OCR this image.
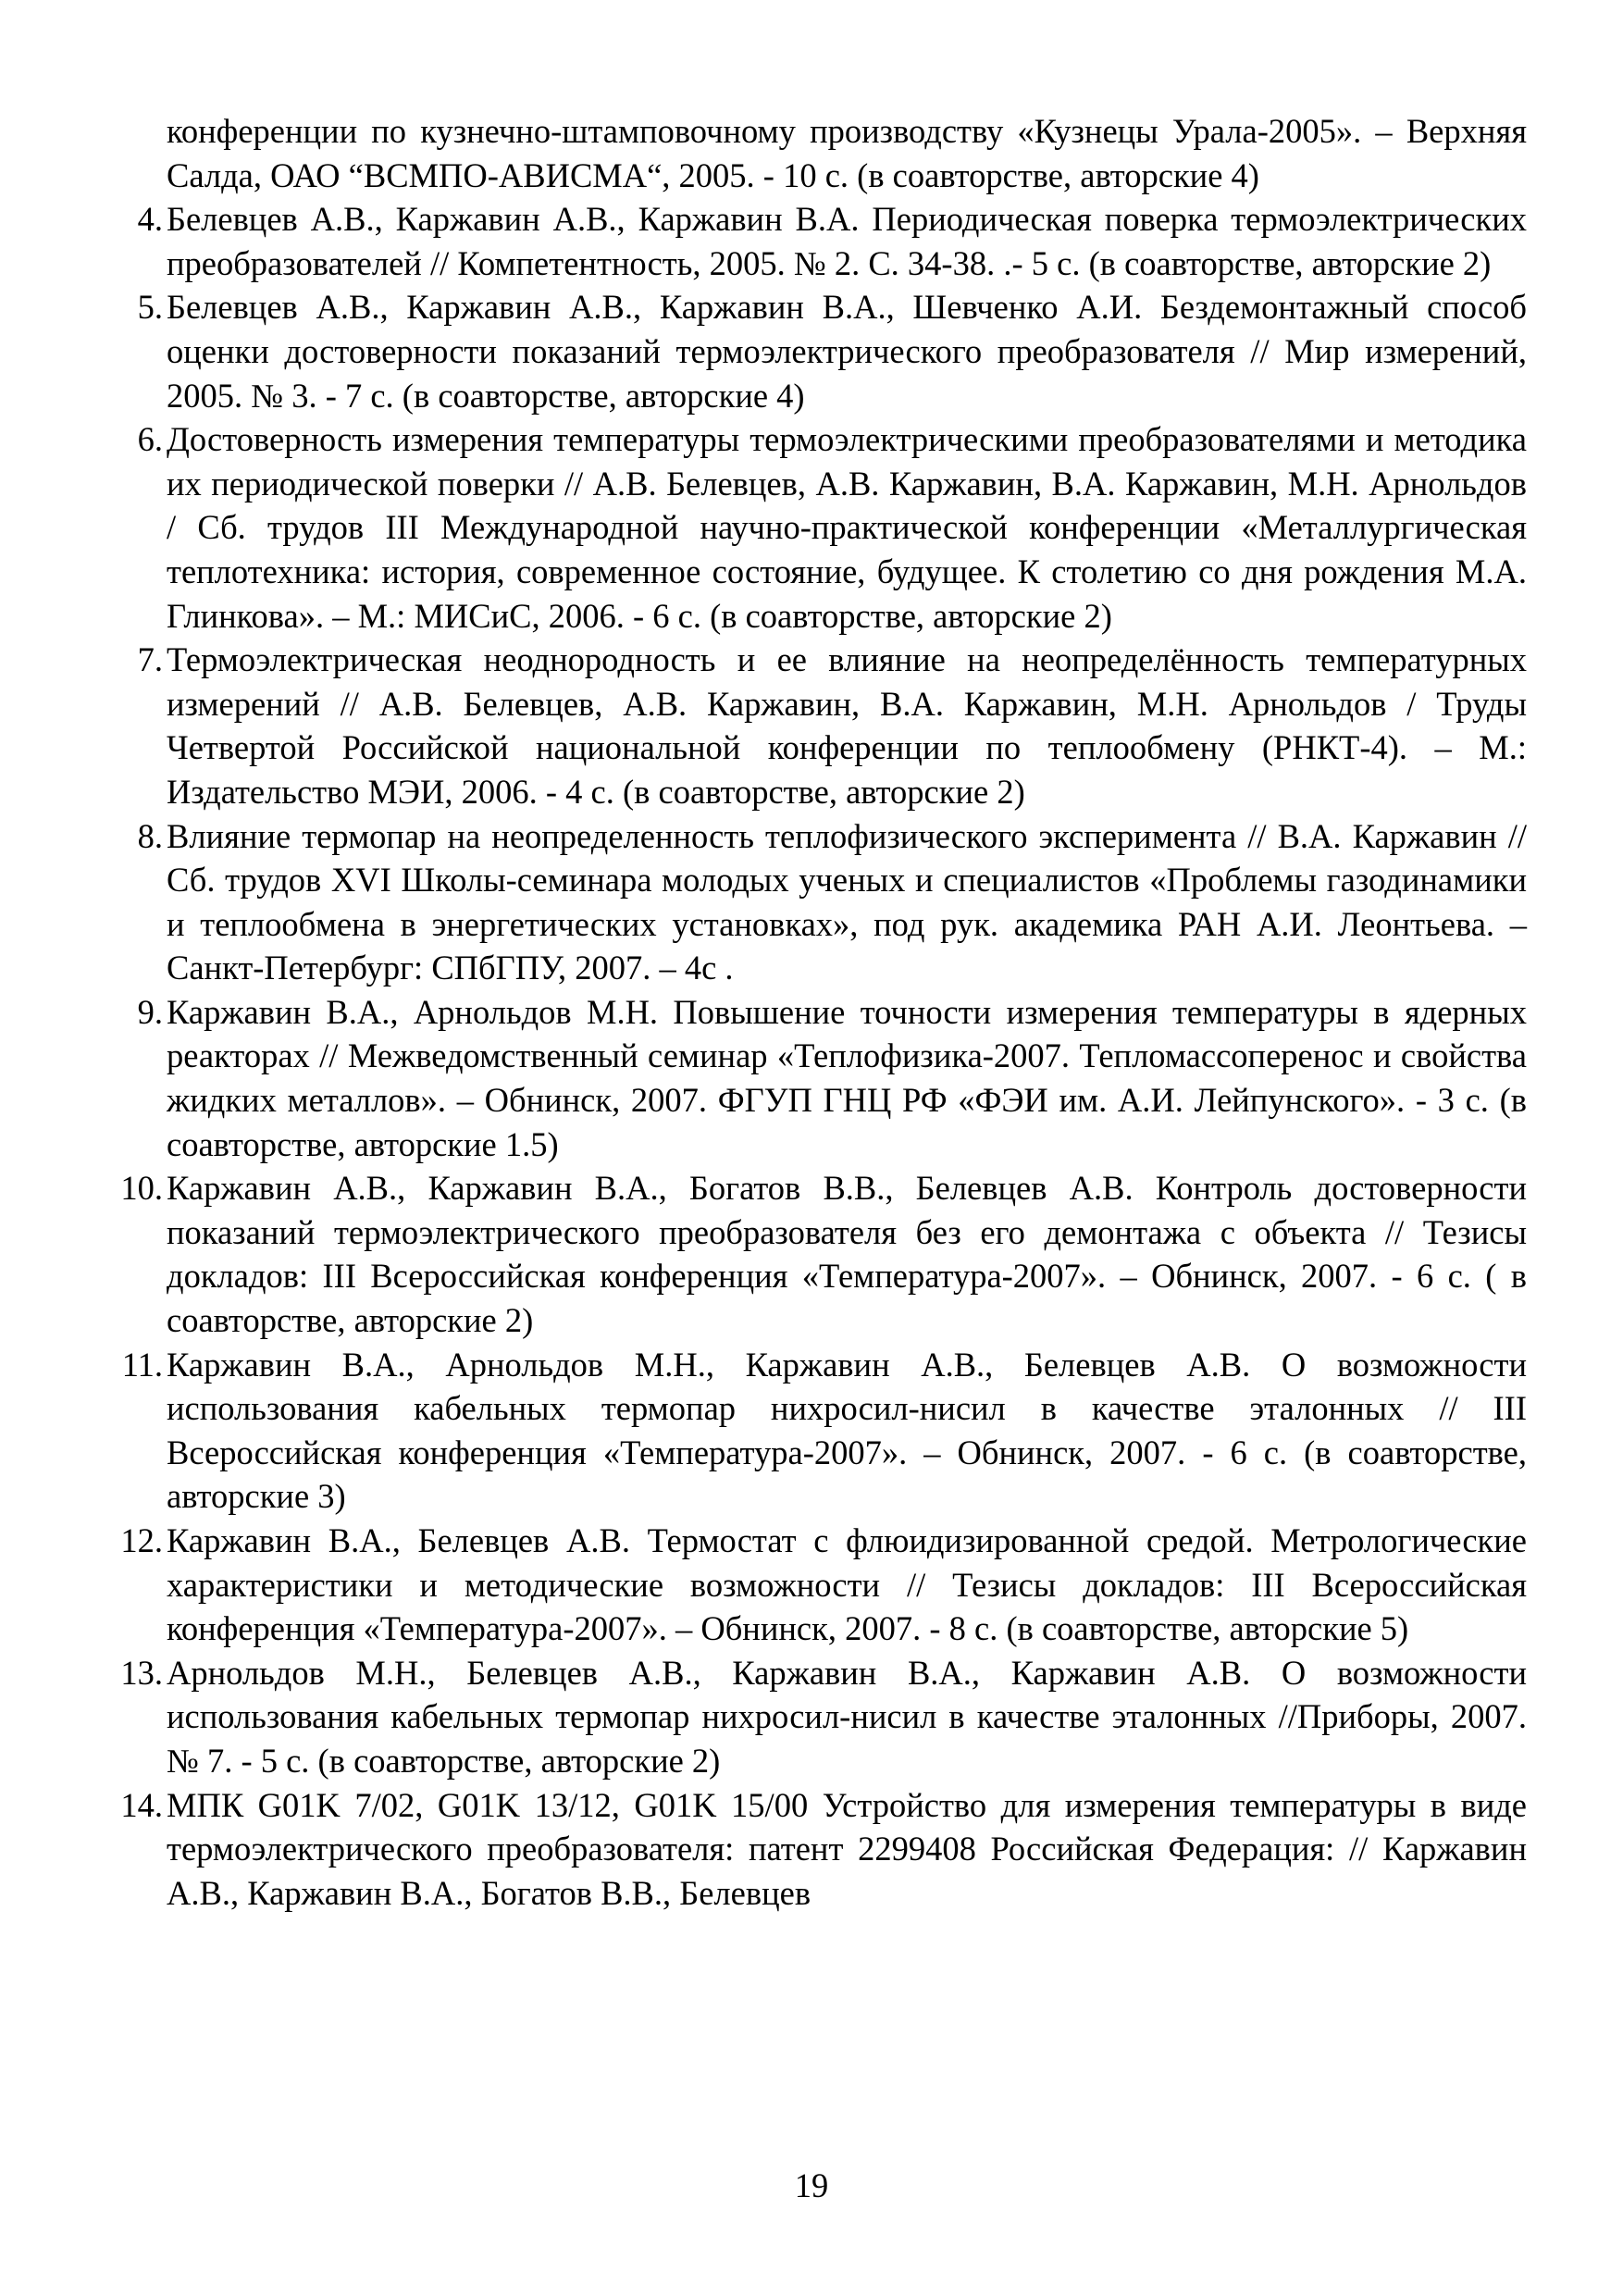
конференции по кузнечно-штамповочному производству «Кузнецы Урала-2005». – Верхняя Салда, ОАО “ВСМПО-АВИСМА“, 2005. - 10 с. (в соавторстве, авторские 4)
4. Белевцев А.В., Каржавин А.В., Каржавин В.А. Периодическая поверка термоэлектрических преобразователей // Компетентность, 2005. № 2. С. 34-38. .- 5 с. (в соавторстве, авторские 2)
5. Белевцев А.В., Каржавин А.В., Каржавин В.А., Шевченко А.И. Бездемонтажный способ оценки достоверности показаний термоэлектрического преобразователя // Мир измерений, 2005. № 3. - 7 с. (в соавторстве, авторские 4)
6. Достоверность измерения температуры термоэлектрическими преобразователями и методика их периодической поверки // А.В. Белевцев, А.В. Каржавин, В.А. Каржавин, М.Н. Арнольдов / Сб. трудов III Международной научно-практической конференции «Металлургическая теплотехника: история, современное состояние, будущее. К столетию со дня рождения М.А. Глинкова». – М.: МИСиС, 2006. - 6 с. (в соавторстве, авторские 2)
7. Термоэлектрическая неоднородность и ее влияние на неопределённость температурных измерений // А.В. Белевцев, А.В. Каржавин, В.А. Каржавин, М.Н. Арнольдов / Труды Четвертой Российской национальной конференции по теплообмену (РНКТ-4). – М.: Издательство МЭИ, 2006. - 4 с. (в соавторстве, авторские 2)
8. Влияние термопар на неопределенность теплофизического эксперимента // В.А. Каржавин // Сб. трудов XVI Школы-семинара молодых ученых и специалистов «Проблемы газодинамики и теплообмена в энергетических установках», под рук. академика РАН А.И. Леонтьева. – Санкт-Петербург: СПбГПУ, 2007. – 4с .
9. Каржавин В.А., Арнольдов М.Н. Повышение точности измерения температуры в ядерных реакторах // Межведомственный семинар «Теплофизика-2007. Тепломассоперенос и свойства жидких металлов». – Обнинск, 2007. ФГУП ГНЦ РФ «ФЭИ им. А.И. Лейпунского». - 3 с. (в соавторстве, авторские 1.5)
10. Каржавин А.В., Каржавин В.А., Богатов В.В., Белевцев А.В. Контроль достоверности показаний термоэлектрического преобразователя без его демонтажа с объекта // Тезисы докладов: III Всероссийская конференция «Температура-2007». – Обнинск, 2007. - 6 с. ( в соавторстве, авторские 2)
11. Каржавин В.А., Арнольдов М.Н., Каржавин А.В., Белевцев А.В. О возможности использования кабельных термопар нихросил-нисил в качестве эталонных // III Всероссийская конференция «Температура-2007». – Обнинск, 2007. - 6 с. (в соавторстве, авторские 3)
12. Каржавин В.А., Белевцев А.В. Термостат с флюидизированной средой. Метрологические характеристики и методические возможности // Тезисы докладов: III Всероссийская конференция «Температура-2007». – Обнинск, 2007. - 8 с. (в соавторстве, авторские 5)
13. Арнольдов М.Н., Белевцев А.В., Каржавин В.А., Каржавин А.В. О возможности использования кабельных термопар нихросил-нисил в качестве эталонных //Приборы, 2007. № 7. - 5 с. (в соавторстве, авторские 2)
14. МПК G01K 7/02, G01K 13/12, G01K 15/00 Устройство для измерения температуры в виде термоэлектрического преобразователя: патент 2299408 Российская Федерация: // Каржавин А.В., Каржавин В.А., Богатов В.В., Белевцев
19
